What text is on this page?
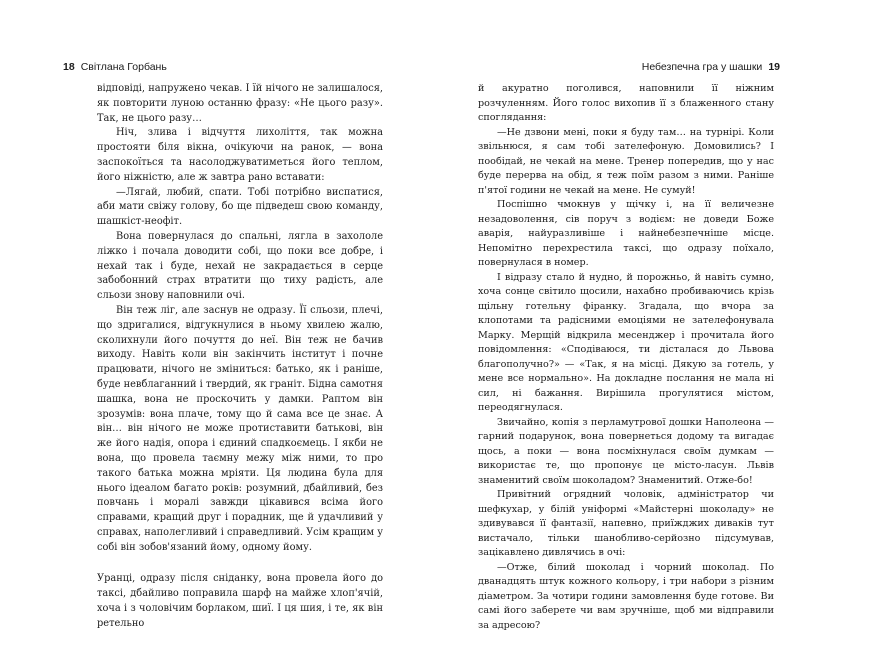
18 Світлана Горбань

відповіді, напружено чекав. І їй нічого не залишалося, як повторити луною останню фразу: «Не цього разу». Так, не цього разу…

Ніч, злива і відчуття лихоліття, так можна простояти біля вікна, очікуючи на ранок, — вона заспокоїться та насолоджуватиметься його теплом, його ніжністю, але ж завтра рано вставати:

—Лягай, любий, спати. Тобі потрібно виспатися, аби мати свіжу голову, бо ще підведеш свою команду, шашкіст-неофіт.

Вона повернулася до спальні, лягла в захололе ліжко і почала доводити собі, що поки все добре, і нехай так і буде, нехай не закрадається в серце забобонний страх втратити що тиху радість, але сльози знову наповнили очі.

Він теж ліг, але заснув не одразу. Її сльози, плечі, що здригалися, відгукнулися в ньому хвилею жалю, сколихнули його почуття до неї. Він теж не бачив виходу. Навіть коли він закінчить інститут і почне працювати, нічого не зміниться: батько, як і раніше, буде невблаганний і твердий, як граніт. Бідна самотня шашка, вона не проскочить у дамки. Раптом він зрозумів: вона плаче, тому що й сама все це знає. А він… він нічого не може протиставити батькові, він же його надія, опора і єдиний спадкоємець. І якби не вона, що провела таємну межу між ними, то про такого батька можна мріяти. Ця людина була для нього ідеалом багато років: розумний, дбайливий, без повчань і моралі завжди цікавився всіма його справами, кращий друг і порадник, ще й удачливий у справах, наполегливий і справедливий. Усім кращим у собі він зобов'язаний йому, одному йому.

Уранці, одразу після сніданку, вона провела його до таксі, дбайливо поправила шарф на майже хлоп'ячій, хоча і з чоловічим борлаком, шиї. І ця шия, і те, як він ретельно

Небезпечна гра у шашки 19

й акуратно поголився, наповнили її ніжним розчуленням. Його голос вихопив її з блаженного стану споглядання:

—Не дзвони мені, поки я буду там… на турнірі. Коли звільнюся, я сам тобі зателефоную. Домовились? І пообідай, не чекай на мене. Тренер попередив, що у нас буде перерва на обід, я теж поїм разом з ними. Раніше п'ятої години не чекай на мене. Не сумуй!

Поспішно чмокнув у щічку і, на її величезне незадоволення, сів поруч з водієм: не доведи Боже аварія, найуразливіше і найнебезпечніше місце. Непомітно перехрестила таксі, що одразу поїхало, повернулася в номер.

І відразу стало й нудно, й порожньо, й навіть сумно, хоча сонце світило щосили, нахабно пробиваючись крізь щільну готельну фіранку. Згадала, що вчора за клопотами та радісними емоціями не зателефонувала Марку. Мерщій відкрила месенджер і прочитала його повідомлення: «Сподіваюся, ти дісталася до Львова благополучно?» — «Так, я на місці. Дякую за готель, у мене все нормально». На докладне послання не мала ні сил, ні бажання. Вирішила прогулятися містом, переодягнулася.

Звичайно, копія з перламутрової дошки Наполеона — гарний подарунок, вона повернеться додому та вигадає щось, а поки — вона посміхнулася своїм думкам — використає те, що пропонує це місто-ласун. Львів знаменитий своїм шоколадом? Знаменитий. Отже-бо!

Привітний огрядний чоловік, адміністратор чи шефкухар, у білій уніформі «Майстерні шоколаду» не здивувався її фантазії, напевно, приїжджих диваків тут вистачало, тільки шанобливо-серйозно підсумував, зацікавлено дивлячись в очі:

—Отже, білий шоколад і чорний шоколад. По дванадцять штук кожного кольору, і три набори з різним діаметром. За чотири години замовлення буде готове. Ви самі його заберете чи вам зручніше, щоб ми відправили за адресою?
